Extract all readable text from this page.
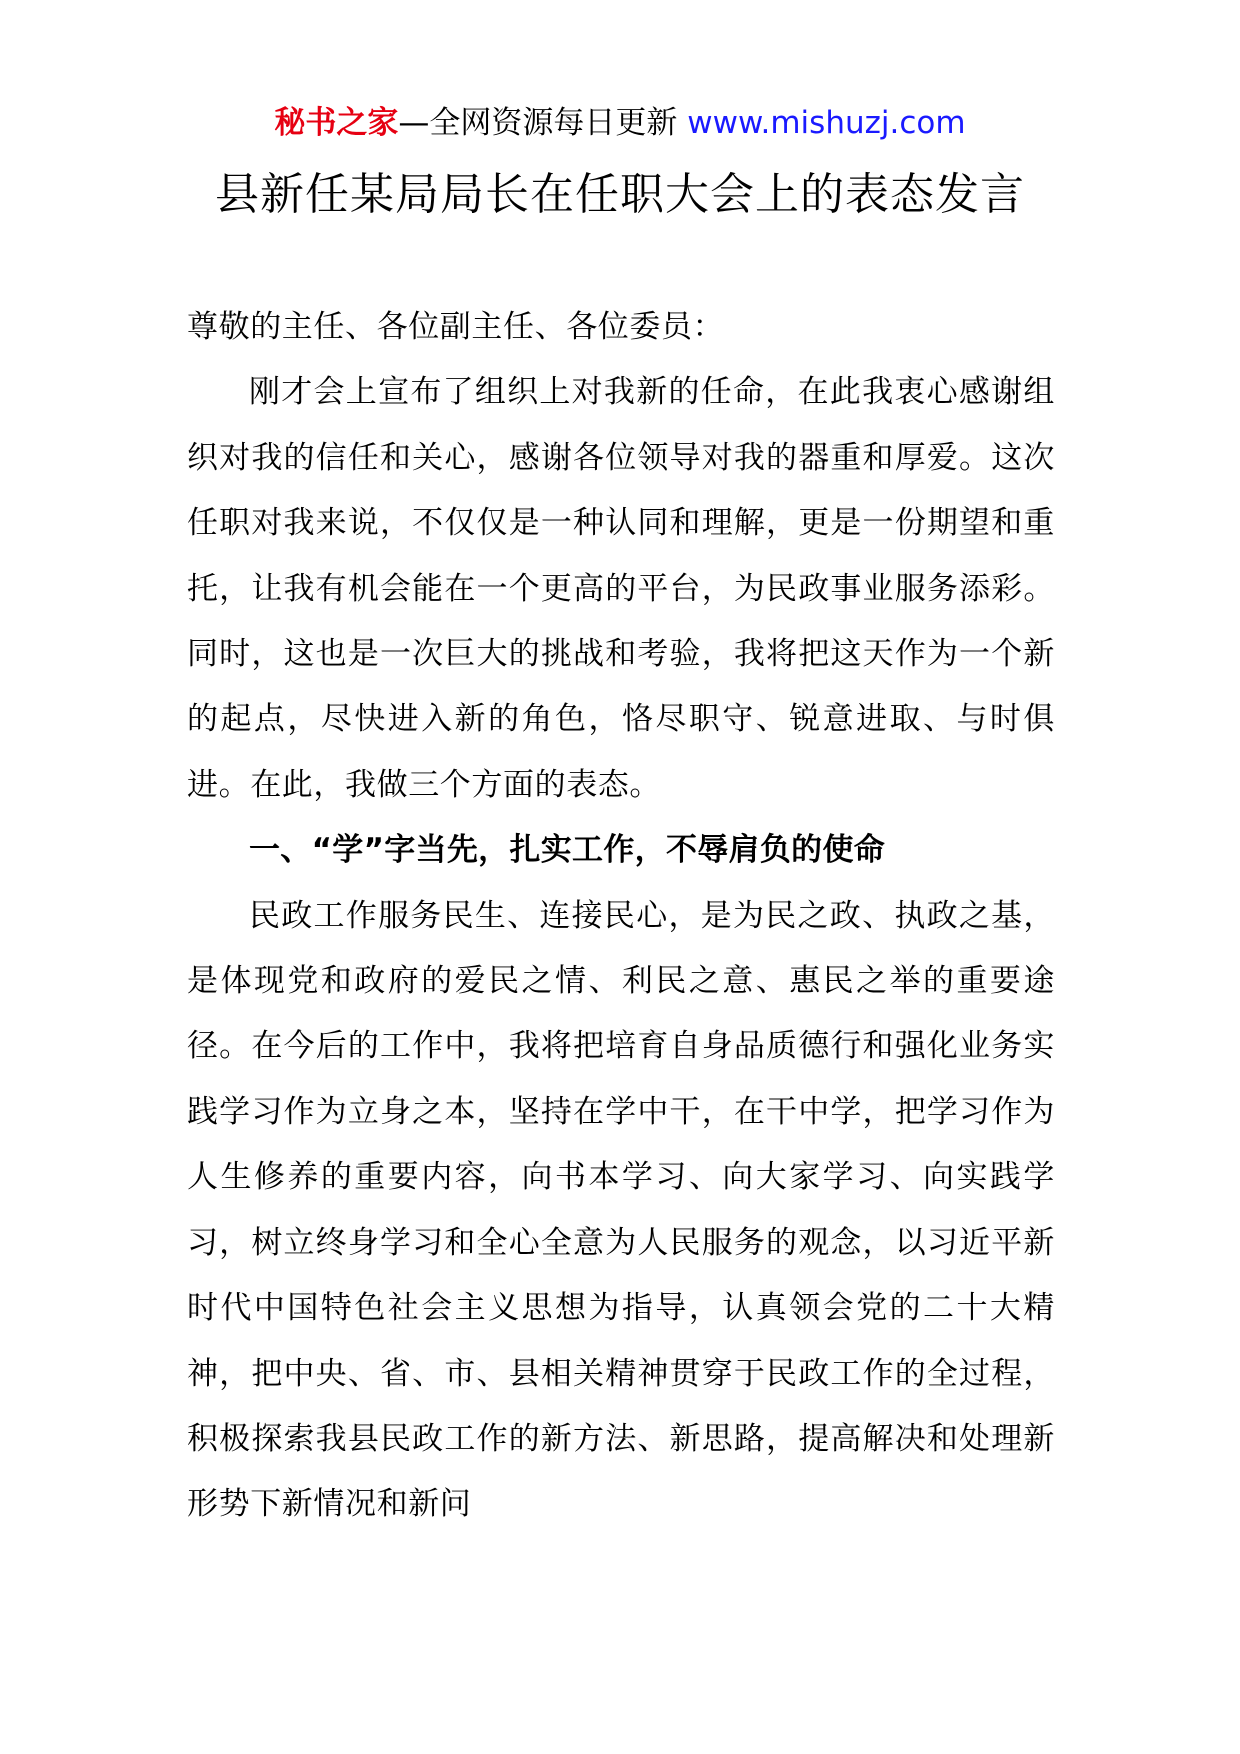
秘书之家—全网资源每日更新 www.mishuzj.com
县新任某局局长在任职大会上的表态发言

尊敬的主任、各位副主任、各位委员：

刚才会上宣布了组织上对我新的任命，在此我衷心感谢组织对我的信任和关心，感谢各位领导对我的器重和厚爱。这次任职对我来说，不仅仅是一种认同和理解，更是一份期望和重托，让我有机会能在一个更高的平台，为民政事业服务添彩。同时，这也是一次巨大的挑战和考验，我将把这天作为一个新的起点，尽快进入新的角色，恪尽职守、锐意进取、与时俱进。在此，我做三个方面的表态。

一、“学”字当先，扎实工作，不辱肩负的使命

民政工作服务民生、连接民心，是为民之政、执政之基，是体现党和政府的爱民之情、利民之意、惠民之举的重要途径。在今后的工作中，我将把培育自身品质德行和强化业务实践学习作为立身之本，坚持在学中干，在干中学，把学习作为人生修养的重要内容，向书本学习、向大家学习、向实践学习，树立终身学习和全心全意为人民服务的观念，以习近平新时代中国特色社会主义思想为指导，认真领会党的二十大精神，把中央、省、市、县相关精神贯穿于民政工作的全过程，积极探索我县民政工作的新方法、新思路，提高解决和处理新形势下新情况和新问
